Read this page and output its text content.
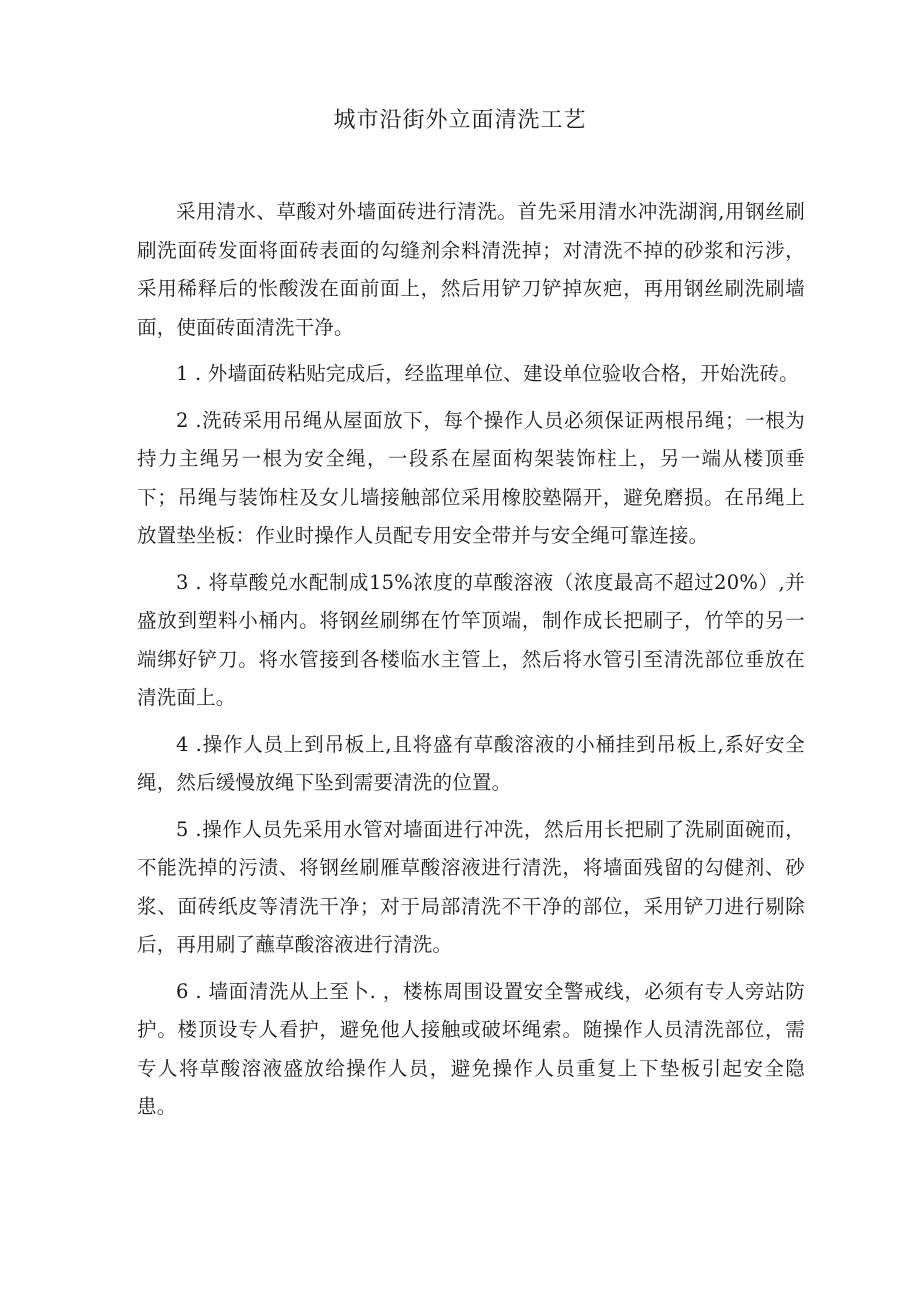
城市沿街外立面清洗工艺

采用清水、草酸对外墙面砖进行清洗。首先采用清水冲洗湖润,用钢丝刷刷洗面砖发面将面砖表面的勾缝剂余料清洗掉；对清洗不掉的砂浆和污涉，采用稀释后的怅酸泼在面前面上，然后用铲刀铲掉灰疤，再用钢丝刷洗刷墙面，使面砖面清洗干净。

1 . 外墙面砖粘贴完成后，经监理单位、建设单位验收合格，开始洗砖。

2 .洗砖采用吊绳从屋面放下，每个操作人员必须保证两根吊绳；一根为持力主绳另一根为安全绳，一段系在屋面构架装饰柱上，另一端从楼顶垂下；吊绳与装饰柱及女儿墙接触部位采用橡胶塾隔开，避免磨损。在吊绳上放置垫坐板：作业时操作人员配专用安全带并与安全绳可靠连接。

3 . 将草酸兑水配制成15%浓度的草酸溶液（浓度最高不超过20%）,并盛放到塑料小桶内。将钢丝刷绑在竹竿顶端，制作成长把刷子，竹竿的另一端绑好铲刀。将水管接到各楼临水主管上，然后将水管引至清洗部位垂放在清洗面上。

4 .操作人员上到吊板上,且将盛有草酸溶液的小桶挂到吊板上,系好安全绳，然后缓慢放绳下坠到需要清洗的位置。

5 .操作人员先采用水管对墙面进行冲洗，然后用长把刷了洗刷面碗而，不能洗掉的污渍、将钢丝刷雁草酸溶液进行清洗，将墙面残留的勾健剂、砂浆、面砖纸皮等清洗干净；对于局部清洗不干净的部位，采用铲刀进行剔除后，再用刷了蘸草酸溶液进行清洗。

6 . 墙面清洗从上至卜. ，楼栋周围设置安全警戒线，必须有专人旁站防护。楼顶设专人看护，避免他人接触或破坏绳索。随操作人员清洗部位，需专人将草酸溶液盛放给操作人员，避免操作人员重复上下垫板引起安全隐患。
